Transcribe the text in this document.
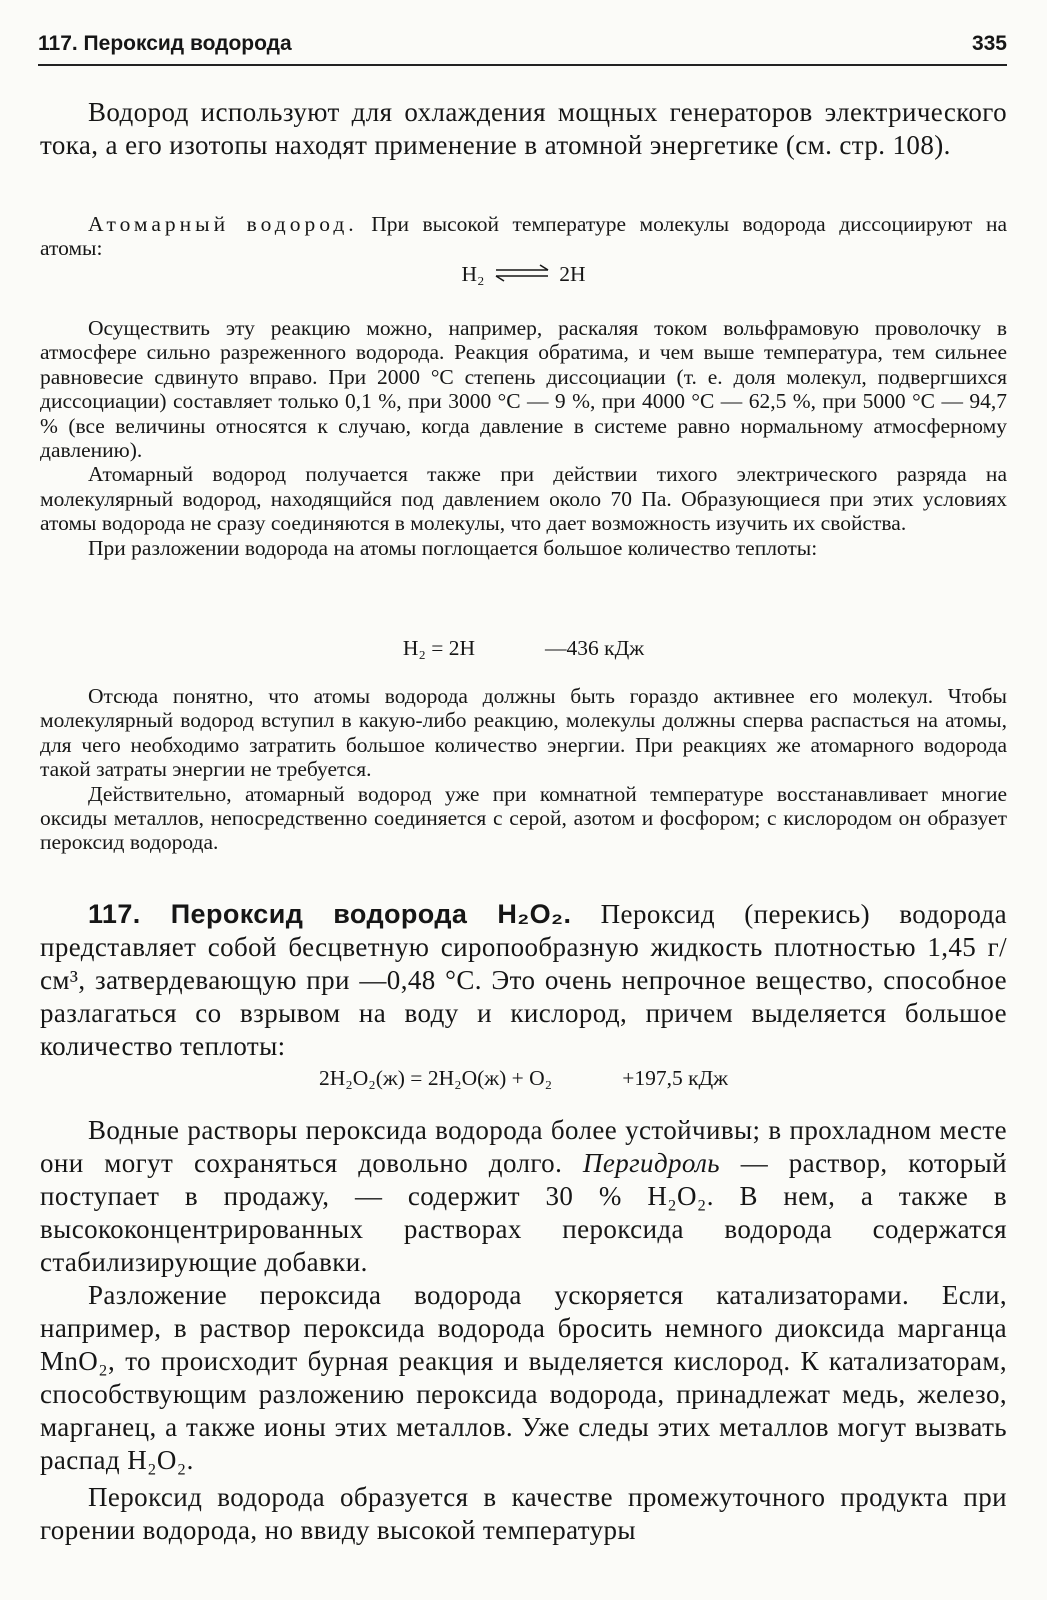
117. Пероксид водорода	335

Водород используют для охлаждения мощных генераторов электрического тока, а его изотопы находят применение в атомной энергетике (см. стр. 108).

Атомарный водород. При высокой температуре молекулы водорода диссоциируют на атомы:

H₂ ⇌ 2H

Осуществить эту реакцию можно, например, раскаляя током вольфрамовую проволочку в атмосфере сильно разреженного водорода. Реакция обратима, и чем выше температура, тем сильнее равновесие сдвинуто вправо. При 2000 °C степень диссоциации (т. е. доля молекул, подвергшихся диссоциации) составляет только 0,1 %, при 3000 °C — 9 %, при 4000 °C — 62,5 %, при 5000 °C — 94,7 % (все величины относятся к случаю, когда давление в системе равно нормальному атмосферному давлению).

Атомарный водород получается также при действии тихого электрического разряда на молекулярный водород, находящийся под давлением около 70 Па. Образующиеся при этих условиях атомы водорода не сразу соединяются в молекулы, что дает возможность изучить их свойства.

При разложении водорода на атомы поглощается большое количество теплоты:

H₂ = 2H	—436 кДж

Отсюда понятно, что атомы водорода должны быть гораздо активнее его молекул. Чтобы молекулярный водород вступил в какую-либо реакцию, молекулы должны сперва распасться на атомы, для чего необходимо затратить большое количество энергии. При реакциях же атомарного водорода такой затраты энергии не требуется.

Действительно, атомарный водород уже при комнатной температуре восстанавливает многие оксиды металлов, непосредственно соединяется с серой, азотом и фосфором; с кислородом он образует пероксид водорода.

117. Пероксид водорода H₂O₂. Пероксид (перекись) водорода представляет собой бесцветную сиропообразную жидкость плотностью 1,45 г/см³, затвердевающую при —0,48 °C. Это очень непрочное вещество, способное разлагаться со взрывом на воду и кислород, причем выделяется большое количество теплоты:

2H₂O₂(ж) = 2H₂O(ж) + O₂	+197,5 кДж

Водные растворы пероксида водорода более устойчивы; в прохладном месте они могут сохраняться довольно долго. Пергидроль — раствор, который поступает в продажу, — содержит 30 % H₂O₂. В нем, а также в высококонцентрированных растворах пероксида водорода содержатся стабилизирующие добавки.

Разложение пероксида водорода ускоряется катализаторами. Если, например, в раствор пероксида водорода бросить немного диоксида марганца MnO₂, то происходит бурная реакция и выделяется кислород. К катализаторам, способствующим разложению пероксида водорода, принадлежат медь, железо, марганец, а также ионы этих металлов. Уже следы этих металлов могут вызвать распад H₂O₂.

Пероксид водорода образуется в качестве промежуточного продукта при горении водорода, но ввиду высокой температуры
